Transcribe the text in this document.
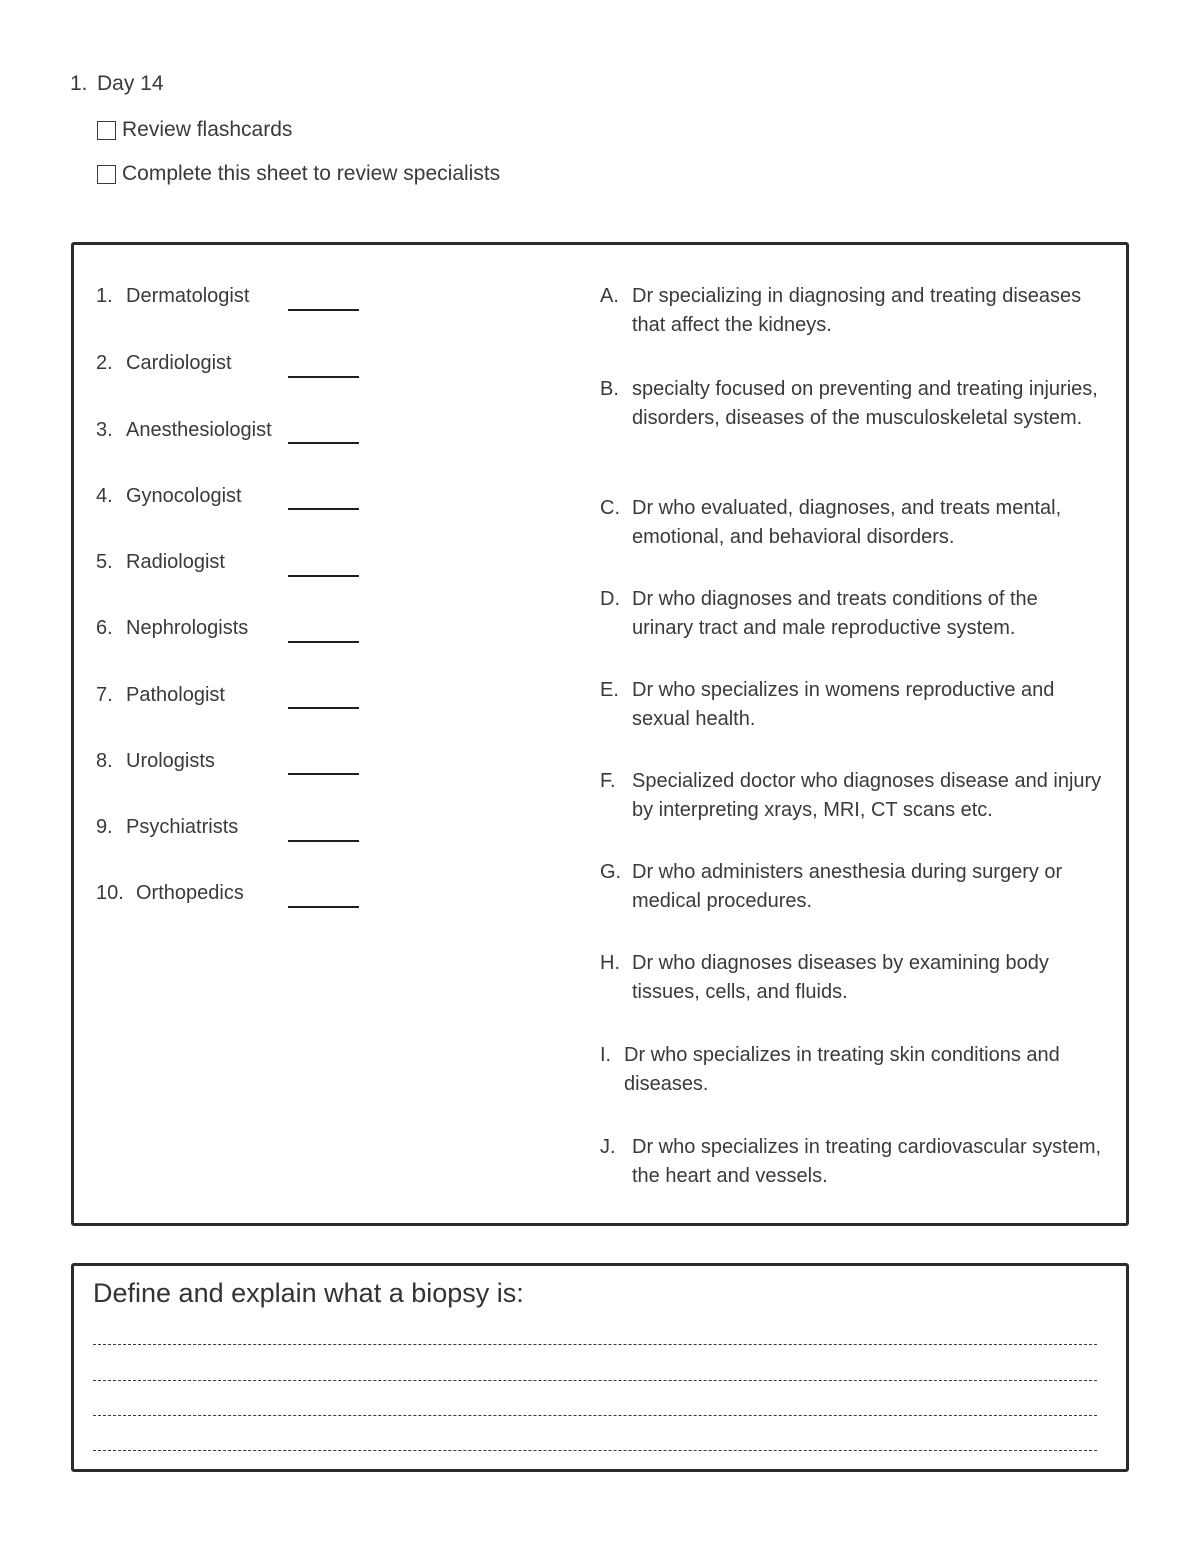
1. Day 14
Review flashcards
Complete this sheet to review specialists
1. Dermatologist
2. Cardiologist
3. Anesthesiologist
4. Gynocologist
5. Radiologist
6. Nephrologists
7. Pathologist
8. Urologists
9. Psychiatrists
10. Orthopedics
A. Dr specializing in diagnosing and treating diseases that affect the kidneys.
B. specialty focused on preventing and treating injuries, disorders, diseases of the musculoskeletal system.
C. Dr who evaluated, diagnoses, and treats mental, emotional, and behavioral disorders.
D. Dr who diagnoses and treats conditions of the urinary tract and male reproductive system.
E. Dr who specializes in womens reproductive and sexual health.
F. Specialized doctor who diagnoses disease and injury by interpreting xrays, MRI, CT scans etc.
G. Dr who administers anesthesia during surgery or medical procedures.
H. Dr who diagnoses diseases by examining body tissues, cells, and fluids.
I. Dr who specializes in treating skin conditions and diseases.
J. Dr who specializes in treating cardiovascular system, the heart and vessels.
Define and explain what a biopsy is:
